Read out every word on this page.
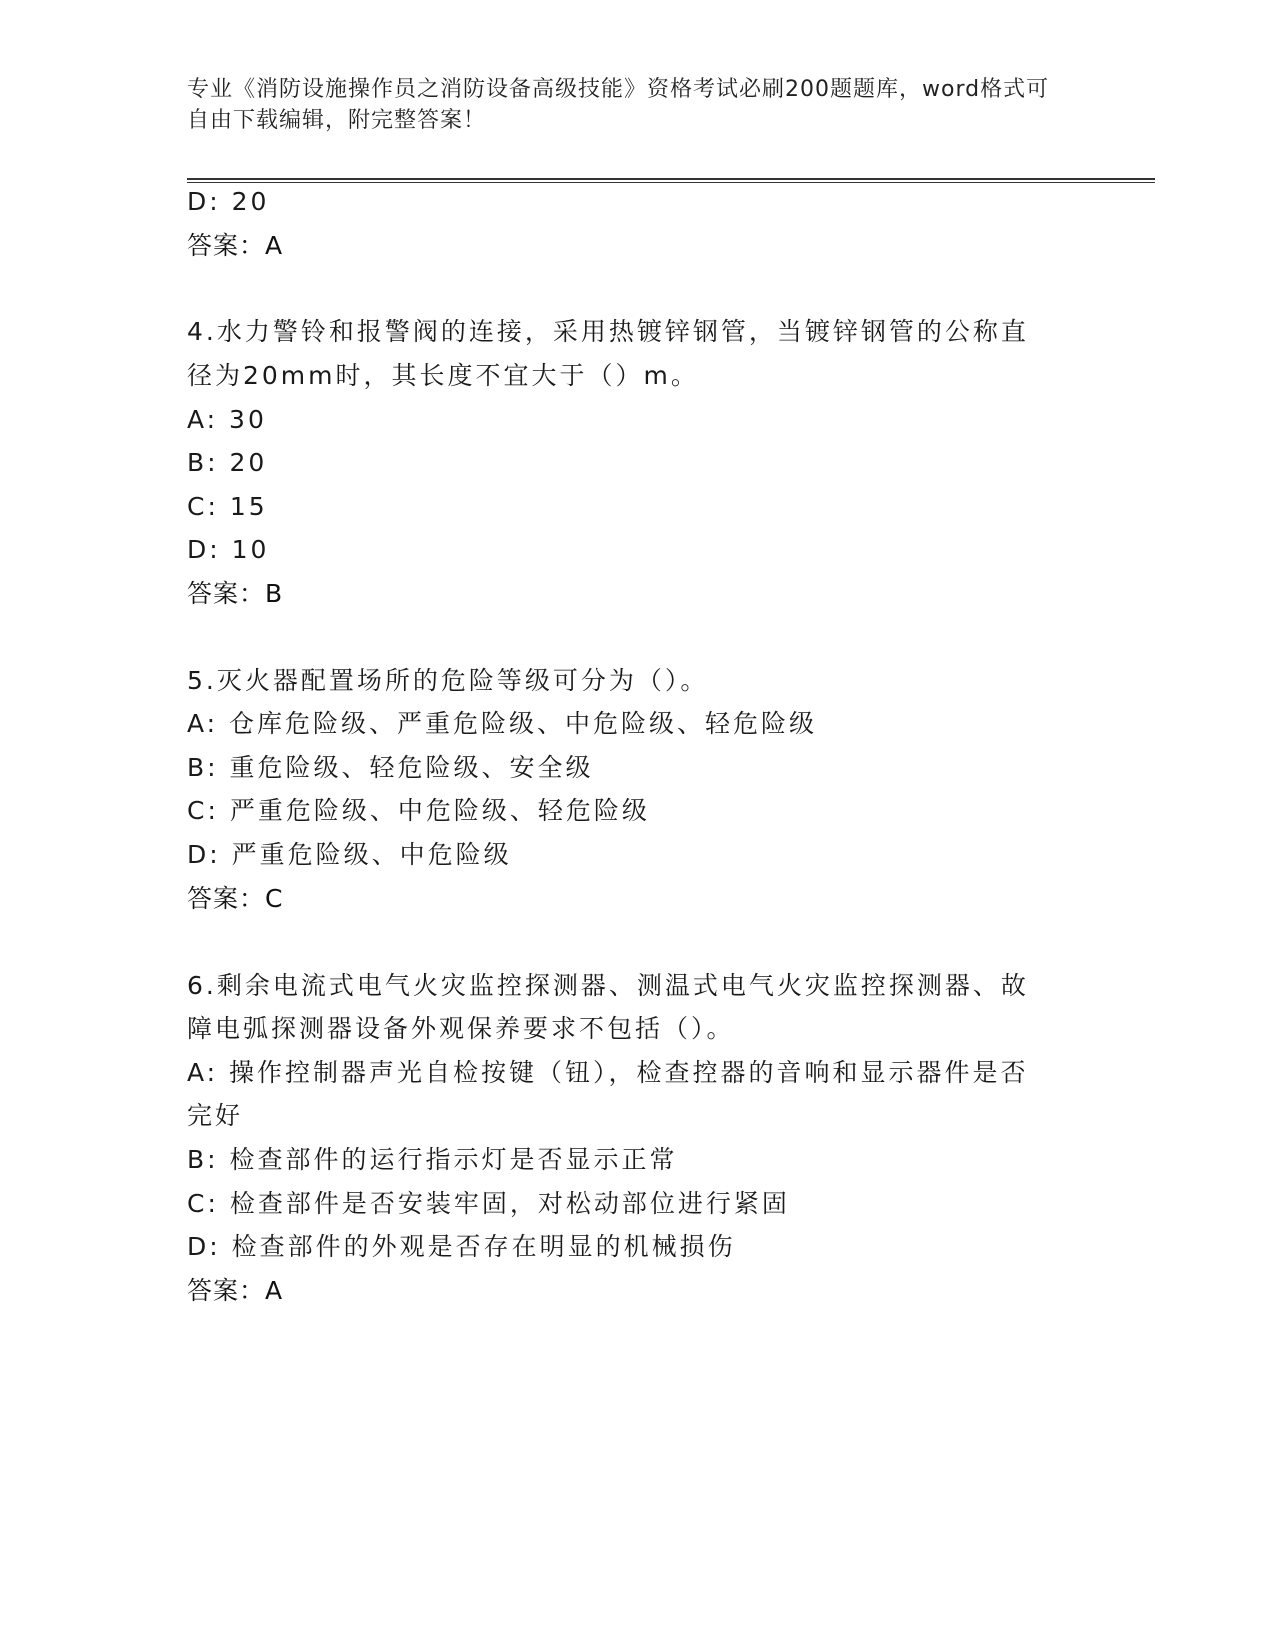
专业《消防设施操作员之消防设备高级技能》资格考试必刷200题题库，word格式可自由下载编辑，附完整答案！
D: 20
答案：A
4.水力警铃和报警阀的连接，采用热镀锌钢管，当镀锌钢管的公称直
径为20mm时，其长度不宜大于（）m。
A: 30
B: 20
C: 15
D: 10
答案：B
5.灭火器配置场所的危险等级可分为（）。
A: 仓库危险级、严重危险级、中危险级、轻危险级
B: 重危险级、轻危险级、安全级
C: 严重危险级、中危险级、轻危险级
D: 严重危险级、中危险级
答案：C
6.剩余电流式电气火灾监控探测器、测温式电气火灾监控探测器、故
障电弧探测器设备外观保养要求不包括（）。
A: 操作控制器声光自检按键（钮），检查控器的音响和显示器件是否
完好
B: 检查部件的运行指示灯是否显示正常
C: 检查部件是否安装牢固，对松动部位进行紧固
D: 检查部件的外观是否存在明显的机械损伤
答案：A
